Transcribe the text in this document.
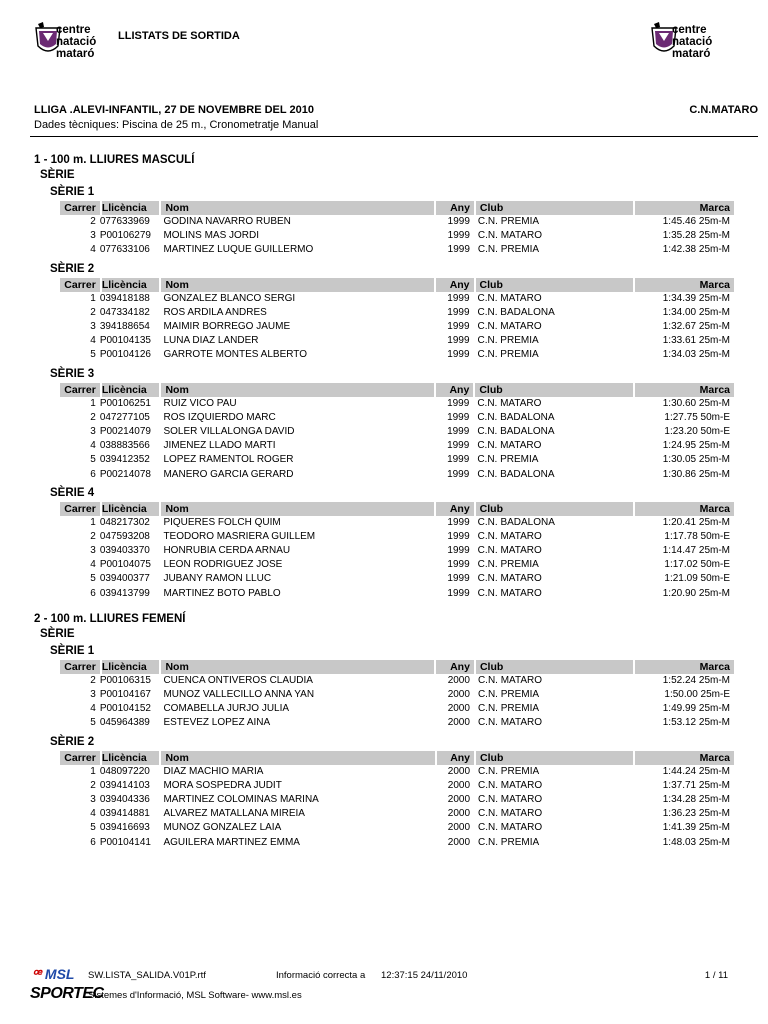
centre
natació
mataró
LLISTATS DE SORTIDA	centre
natació
mataró
LLIGA .ALEVI-INFANTIL, 27 DE NOVEMBRE DEL 2010	C.N.MATARO
Dades tècniques: Piscina de 25 m., Cronometratje Manual
1 - 100 m. LLIURES MASCULÍ
SÈRIE
SÈRIE 1
Carrer	Llicència	Nom	Any	Club	Marca
2	077633969	GODINA NAVARRO RUBEN	1999	C.N. PREMIA	1:45.46 25m-M
3	P00106279	MOLINS MAS JORDI	1999	C.N. MATARO	1:35.28 25m-M
4	077633106	MARTINEZ LUQUE GUILLERMO	1999	C.N. PREMIA	1:42.38 25m-M
SÈRIE 2
Carrer	Llicència	Nom	Any	Club	Marca
1	039418188	GONZALEZ BLANCO SERGI	1999	C.N. MATARO	1:34.39 25m-M
2	047334182	ROS ARDILA ANDRES	1999	C.N. BADALONA	1:34.00 25m-M
3	394188654	MAIMIR BORREGO JAUME	1999	C.N. MATARO	1:32.67 25m-M
4	P00104135	LUNA DIAZ LANDER	1999	C.N. PREMIA	1:33.61 25m-M
5	P00104126	GARROTE MONTES ALBERTO	1999	C.N. PREMIA	1:34.03 25m-M
SÈRIE 3
Carrer	Llicència	Nom	Any	Club	Marca
1	P00106251	RUIZ VICO PAU	1999	C.N. MATARO	1:30.60 25m-M
2	047277105	ROS IZQUIERDO MARC	1999	C.N. BADALONA	1:27.75 50m-E
3	P00214079	SOLER VILLALONGA DAVID	1999	C.N. BADALONA	1:23.20 50m-E
4	038883566	JIMENEZ LLADO MARTI	1999	C.N. MATARO	1:24.95 25m-M
5	039412352	LOPEZ RAMENTOL ROGER	1999	C.N. PREMIA	1:30.05 25m-M
6	P00214078	MANERO GARCIA GERARD	1999	C.N. BADALONA	1:30.86 25m-M
SÈRIE 4
Carrer	Llicència	Nom	Any	Club	Marca
1	048217302	PIQUERES FOLCH QUIM	1999	C.N. BADALONA	1:20.41 25m-M
2	047593208	TEODORO MASRIERA GUILLEM	1999	C.N. MATARO	1:17.78 50m-E
3	039403370	HONRUBIA CERDA ARNAU	1999	C.N. MATARO	1:14.47 25m-M
4	P00104075	LEON RODRIGUEZ JOSE	1999	C.N. PREMIA	1:17.02 50m-E
5	039400377	JUBANY RAMON LLUC	1999	C.N. MATARO	1:21.09 50m-E
6	039413799	MARTINEZ BOTO PABLO	1999	C.N. MATARO	1:20.90 25m-M
2 - 100 m. LLIURES FEMENÍ
SÈRIE
SÈRIE 1
Carrer	Llicència	Nom	Any	Club	Marca
2	P00106315	CUENCA ONTIVEROS CLAUDIA	2000	C.N. MATARO	1:52.24 25m-M
3	P00104167	MUNOZ VALLECILLO ANNA YAN	2000	C.N. PREMIA	1:50.00 25m-E
4	P00104152	COMABELLA JURJO JULIA	2000	C.N. PREMIA	1:49.99 25m-M
5	045964389	ESTEVEZ LOPEZ AINA	2000	C.N. MATARO	1:53.12 25m-M
SÈRIE 2
Carrer	Llicència	Nom	Any	Club	Marca
1	048097220	DIAZ MACHIO MARIA	2000	C.N. PREMIA	1:44.24 25m-M
2	039414103	MORA SOSPEDRA JUDIT	2000	C.N. MATARO	1:37.71 25m-M
3	039404336	MARTINEZ COLOMINAS MARINA	2000	C.N. MATARO	1:34.28 25m-M
4	039414881	ALVAREZ MATALLANA MIREIA	2000	C.N. MATARO	1:36.23 25m-M
5	039416693	MUNOZ GONZALEZ LAIA	2000	C.N. MATARO	1:41.39 25m-M
6	P00104141	AGUILERA MARTINEZ EMMA	2000	C.N. PREMIA	1:48.03 25m-M
ꟹ MSL SW.LISTA_SALIDA.V01P.rtf	Informació correcta a 12:37:15 24/11/2010	1 / 11
SPORTEC
Sistemes d'Informació, MSL Software- www.msl.es
